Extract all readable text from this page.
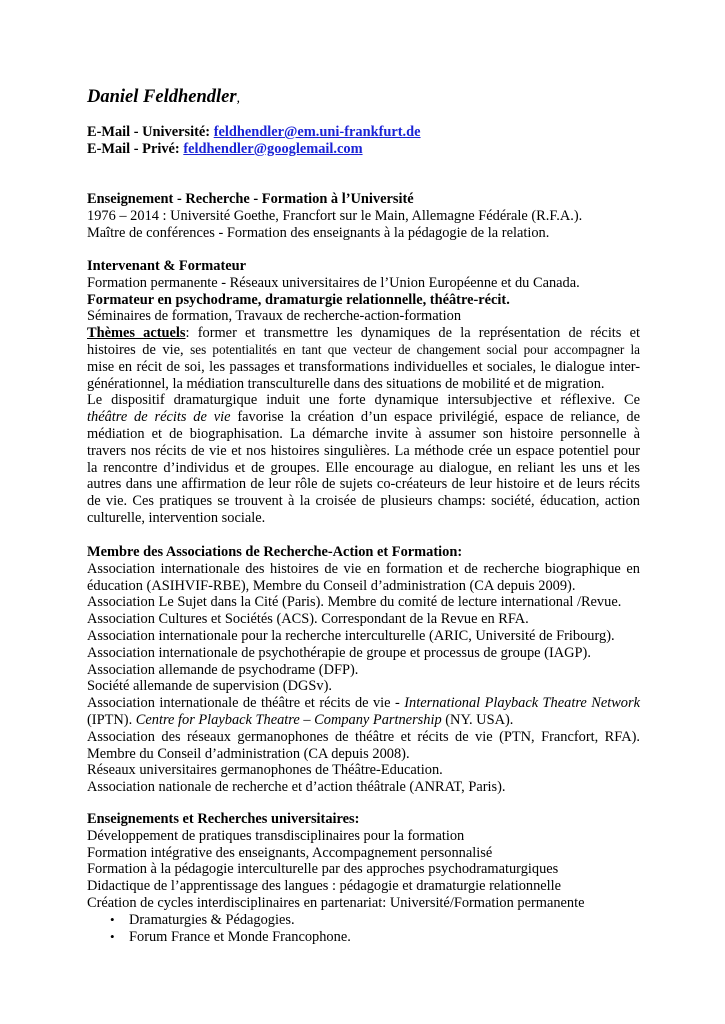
Daniel Feldhendler,
E-Mail - Université: feldhendler@em.uni-frankfurt.de
E-Mail - Privé: feldhendler@googlemail.com
Enseignement - Recherche - Formation à l’Université
1976 – 2014 : Université Goethe, Francfort sur le Main, Allemagne Fédérale (R.F.A.).
Maître de conférences - Formation des enseignants à la pédagogie de la relation.
Intervenant & Formateur
Formation permanente - Réseaux universitaires de l’Union Européenne et du Canada.
Formateur en psychodrame, dramaturgie relationnelle, théâtre-récit.
Séminaires de formation, Travaux de recherche-action-formation
Thèmes actuels: former et transmettre les dynamiques de la représentation de récits et
histoires de vie, ses potentialités en tant que vecteur de changement social pour accompagner la
mise en récit de soi, les passages et transformations individuelles et sociales, le dialogue inter-
générationnel, la médiation transculturelle dans des situations de mobilité et de migration.
Le dispositif dramaturgique induit une forte dynamique intersubjective et réflexive. Ce
théâtre de récits de vie favorise la création d’un espace privilégié, espace de reliance, de
médiation et de biographisation. La démarche invite à assumer son histoire personnelle à
travers nos récits de vie et nos histoires singulières. La méthode crée un espace potentiel pour
la rencontre d’individus et de groupes. Elle encourage au dialogue, en reliant les uns et les
autres dans une affirmation de leur rôle de sujets co-créateurs de leur histoire et de leurs récits
de vie. Ces pratiques se trouvent à la croisée de plusieurs champs: société, éducation, action
culturelle, intervention sociale.
Membre des Associations de Recherche-Action et Formation:
Association internationale des histoires de vie en formation et de recherche biographique en
éducation (ASIHVIF-RBE), Membre du Conseil d’administration (CA depuis 2009).
Association Le Sujet dans la Cité (Paris). Membre du comité de lecture international /Revue.
Association Cultures et Sociétés (ACS). Correspondant de la Revue en RFA.
Association internationale pour la recherche interculturelle (ARIC, Université de Fribourg).
Association internationale de psychothérapie de groupe et processus de groupe (IAGP).
Association allemande de psychodrame (DFP).
Société allemande de supervision (DGSv).
Association internationale de théâtre et récits de vie - International Playback Theatre Network
(IPTN). Centre for Playback Theatre – Company Partnership (NY. USA).
Association des réseaux germanophones de théâtre et récits de vie (PTN, Francfort, RFA).
Membre du Conseil d’administration (CA depuis 2008).
Réseaux universitaires germanophones de Théâtre-Education.
Association nationale de recherche et d’action théâtrale (ANRAT, Paris).
Enseignements et Recherches universitaires:
Développement de pratiques transdisciplinaires pour la formation
Formation intégrative des enseignants, Accompagnement personnalisé
Formation à la pédagogie interculturelle par des approches psychodramaturgiques
Didactique de l’apprentissage des langues : pédagogie et dramaturgie relationnelle
Création de cycles interdisciplinaires en partenariat: Université/Formation permanente
• Dramaturgies & Pédagogies.
• Forum France et Monde Francophone.
